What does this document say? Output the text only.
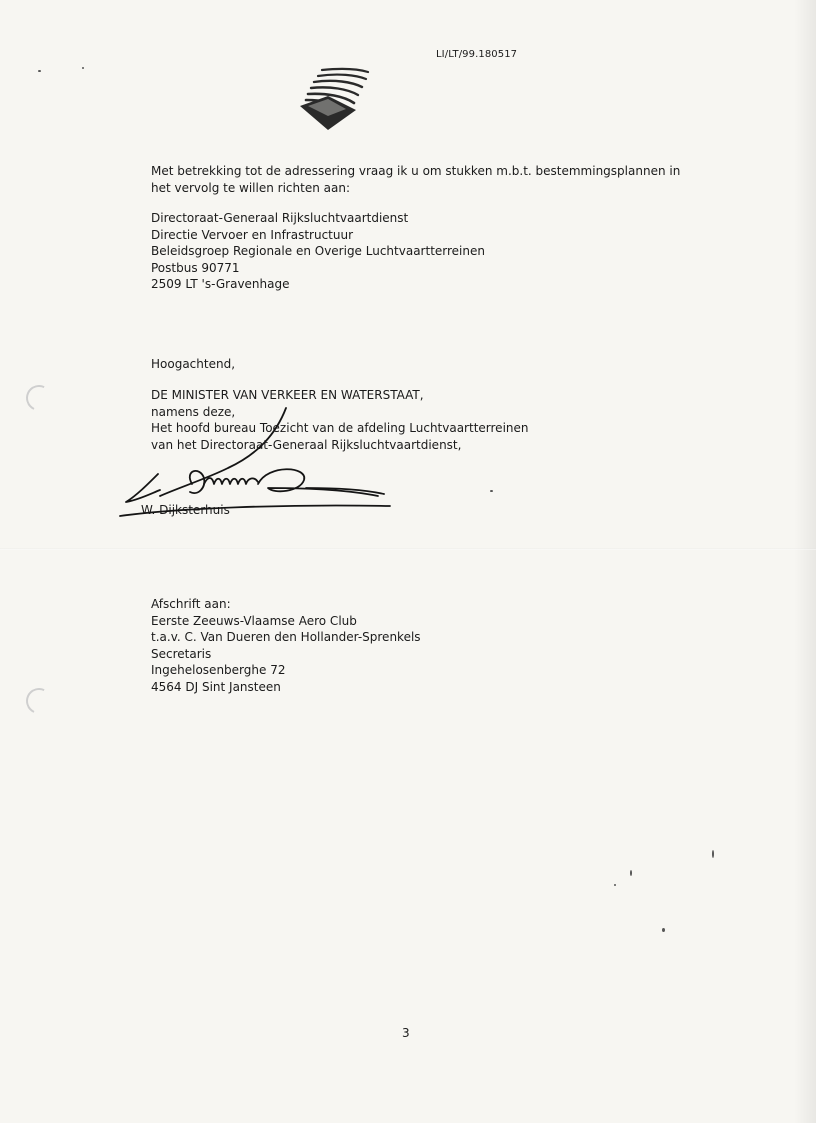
LI/LT/99.180517
Met betrekking tot de adressering vraag ik u om stukken m.b.t. bestemmingsplannen in
het vervolg te willen richten aan:
Directoraat-Generaal Rijksluchtvaartdienst
Directie Vervoer en Infrastructuur
Beleidsgroep Regionale en Overige Luchtvaartterreinen
Postbus 90771
2509 LT 's-Gravenhage
Hoogachtend,
DE MINISTER VAN VERKEER EN WATERSTAAT,
namens deze,
Het hoofd bureau Toezicht van de afdeling Luchtvaartterreinen
van het Directoraat-Generaal Rijksluchtvaartdienst,
W. Dijksterhuis
Afschrift aan:
Eerste Zeeuws-Vlaamse Aero Club
t.a.v. C. Van Dueren den Hollander-Sprenkels
Secretaris
Ingehelosenberghe 72
4564 DJ Sint Jansteen
3
